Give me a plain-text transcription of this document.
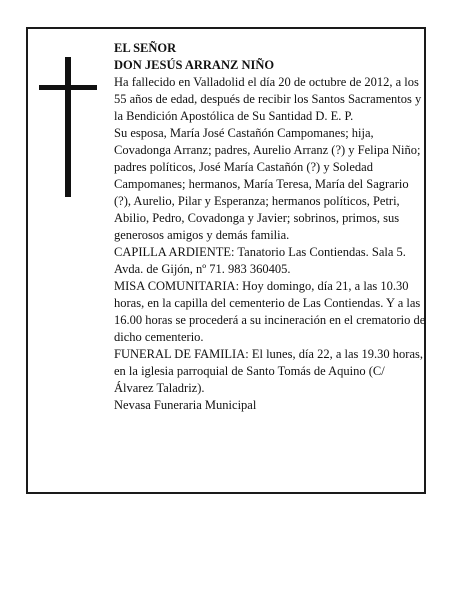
EL SEÑOR

DON JESÚS ARRANZ NIÑO

Ha fallecido en Valladolid el día 20 de octubre de 2012, a los 55 años de edad, después de recibir los Santos Sacramentos y la Bendición Apostólica de Su Santidad D. E. P.

Su esposa, María José Castañón Campomanes; hija, Covadonga Arranz; padres, Aurelio Arranz (?) y Felipa Niño; padres políticos, José María Castañón (?) y Soledad Campomanes; hermanos, María Teresa, María del Sagrario (?), Aurelio, Pilar y Esperanza; hermanos políticos, Petri, Abilio, Pedro, Covadonga y Javier; sobrinos, primos, sus generosos amigos y demás familia.

CAPILLA ARDIENTE: Tanatorio Las Contiendas. Sala 5. Avda. de Gijón, nº 71. 983 360405.

MISA COMUNITARIA: Hoy domingo, día 21, a las 10.30 horas, en la capilla del cementerio de Las Contiendas. Y a las 16.00 horas se procederá a su incineración en el crematorio de dicho cementerio.

FUNERAL DE FAMILIA: El lunes, día 22, a las 19.30 horas, en la iglesia parroquial de Santo Tomás de Aquino (C/ Álvarez Taladriz).

Nevasa Funeraria Municipal
